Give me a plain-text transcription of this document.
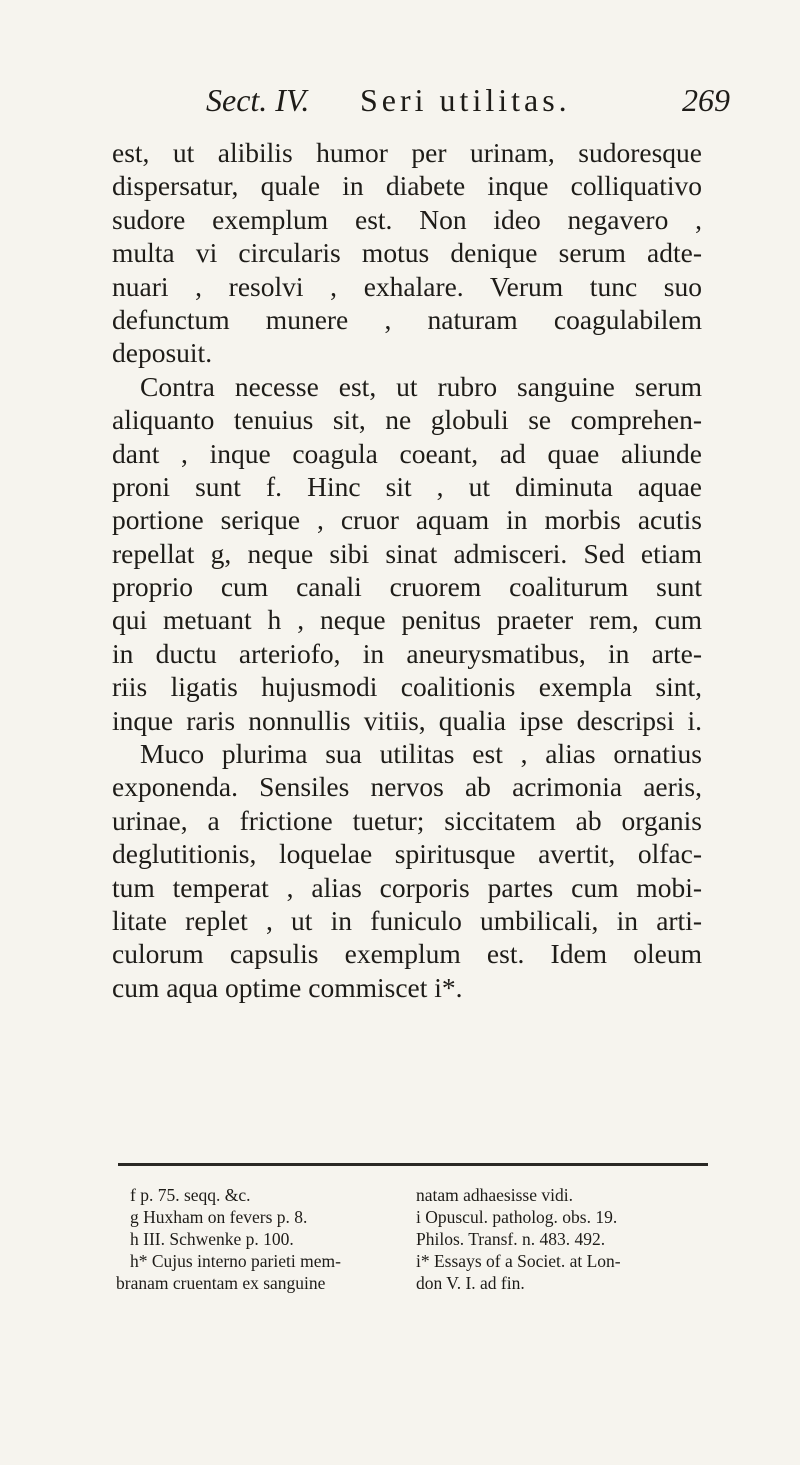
Sect. IV. Seri utilitas.	269
est, ut alibilis humor per urinam, sudoresque
dispersatur, quale in diabete inque colliquativo
sudore exemplum est. Non ideo negavero ,
multa vi circularis motus denique serum adte-
nuari , resolvi , exhalare. Verum tunc suo
defunctum munere , naturam coagulabilem
deposuit.
Contra necesse est, ut rubro sanguine serum
aliquanto tenuius sit, ne globuli se comprehen-
dant , inque coagula coeant, ad quae aliunde
proni sunt f. Hinc sit , ut diminuta aquae
portione serique , cruor aquam in morbis acutis
repellat g, neque sibi sinat admisceri. Sed etiam
proprio cum canali cruorem coaliturum sunt
qui metuant h , neque penitus praeter rem, cum
in ductu arteriofo, in aneurysmatibus, in arte-
riis ligatis hujusmodi coalitionis exempla sint,
inque raris nonnullis vitiis, qualia ipse descripsi i.
Muco plurima sua utilitas est , alias ornatius
exponenda. Sensiles nervos ab acrimonia aeris,
urinae, a frictione tuetur; siccitatem ab organis
deglutitionis, loquelae spiritusque avertit, olfac-
tum temperat , alias corporis partes cum mobi-
litate replet , ut in funiculo umbilicali, in arti-
culorum capsulis exemplum est. Idem oleum
cum aqua optime commiscet i*.
f p. 75. seqq. &c.
g Huxham on fevers p. 8.
h III. Schwenke p. 100.
h* Cujus interno parieti mem-
branam cruentam ex sanguine
natam adhaesisse vidi.
i Opuscul. patholog. obs. 19.
Philos. Transf. n. 483. 492.
i* Essays of a Societ. at Lon-
don V. I. ad fin.
